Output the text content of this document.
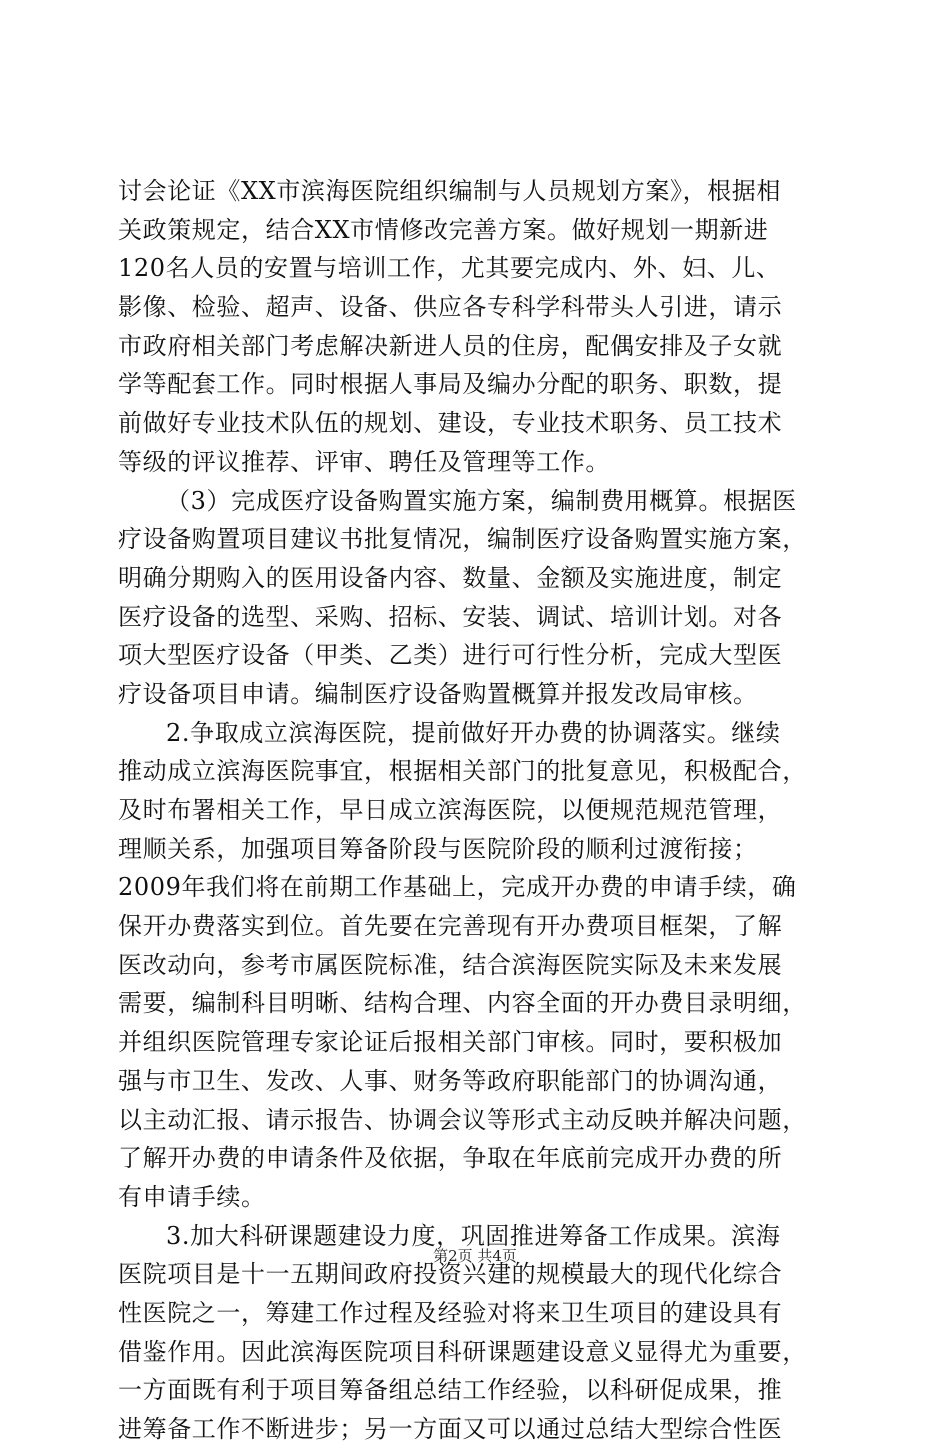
讨会论证《XX市滨海医院组织编制与人员规划方案》，根据相
关政策规定，结合XX市情修改完善方案。做好规划一期新进
120名人员的安置与培训工作，尤其要完成内、外、妇、儿、
影像、检验、超声、设备、供应各专科学科带头人引进，请示
市政府相关部门考虑解决新进人员的住房，配偶安排及子女就
学等配套工作。同时根据人事局及编办分配的职务、职数，提
前做好专业技术队伍的规划、建设，专业技术职务、员工技术
等级的评议推荐、评审、聘任及管理等工作。
（3）完成医疗设备购置实施方案，编制费用概算。根据医
疗设备购置项目建议书批复情况，编制医疗设备购置实施方案，
明确分期购入的医用设备内容、数量、金额及实施进度，制定
医疗设备的选型、采购、招标、安装、调试、培训计划。对各
项大型医疗设备（甲类、乙类）进行可行性分析，完成大型医
疗设备项目申请。编制医疗设备购置概算并报发改局审核。
2.争取成立滨海医院，提前做好开办费的协调落实。继续
推动成立滨海医院事宜，根据相关部门的批复意见，积极配合，
及时布署相关工作，早日成立滨海医院，以便规范规范管理，
理顺关系，加强项目筹备阶段与医院阶段的顺利过渡衔接；
2009年我们将在前期工作基础上，完成开办费的申请手续，确
保开办费落实到位。首先要在完善现有开办费项目框架，了解
医改动向，参考市属医院标准，结合滨海医院实际及未来发展
需要，编制科目明晰、结构合理、内容全面的开办费目录明细，
并组织医院管理专家论证后报相关部门审核。同时，要积极加
强与市卫生、发改、人事、财务等政府职能部门的协调沟通，
以主动汇报、请示报告、协调会议等形式主动反映并解决问题，
了解开办费的申请条件及依据，争取在年底前完成开办费的所
有申请手续。
3.加大科研课题建设力度，巩固推进筹备工作成果。滨海
医院项目是十一五期间政府投资兴建的规模最大的现代化综合
性医院之一，筹建工作过程及经验对将来卫生项目的建设具有
借鉴作用。因此滨海医院项目科研课题建设意义显得尤为重要，
一方面既有利于项目筹备组总结工作经验，以科研促成果，推
进筹备工作不断进步；另一方面又可以通过总结大型综合性医
第2页 共4页
